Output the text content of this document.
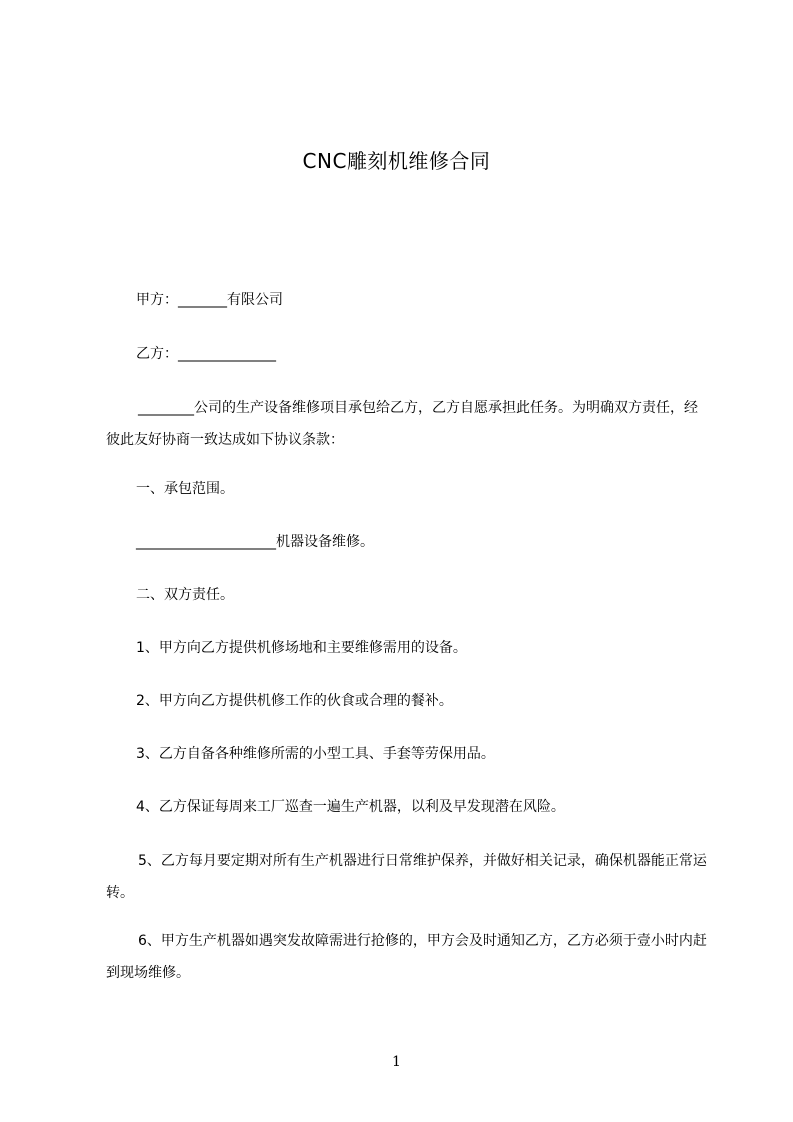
CNC雕刻机维修合同
甲方：_______有限公司
乙方：______________
________公司的生产设备维修项目承包给乙方，乙方自愿承担此任务。为明确双方责任，经彼此友好协商一致达成如下协议条款：
一、承包范围。
____________________机器设备维修。
二、双方责任。
1、甲方向乙方提供机修场地和主要维修需用的设备。
2、甲方向乙方提供机修工作的伙食或合理的餐补。
3、乙方自备各种维修所需的小型工具、手套等劳保用品。
4、乙方保证每周来工厂巡查一遍生产机器，以利及早发现潜在风险。
5、乙方每月要定期对所有生产机器进行日常维护保养，并做好相关记录，确保机器能正常运转。
6、甲方生产机器如遇突发故障需进行抢修的，甲方会及时通知乙方，乙方必须于壹小时内赶到现场维修。
1
